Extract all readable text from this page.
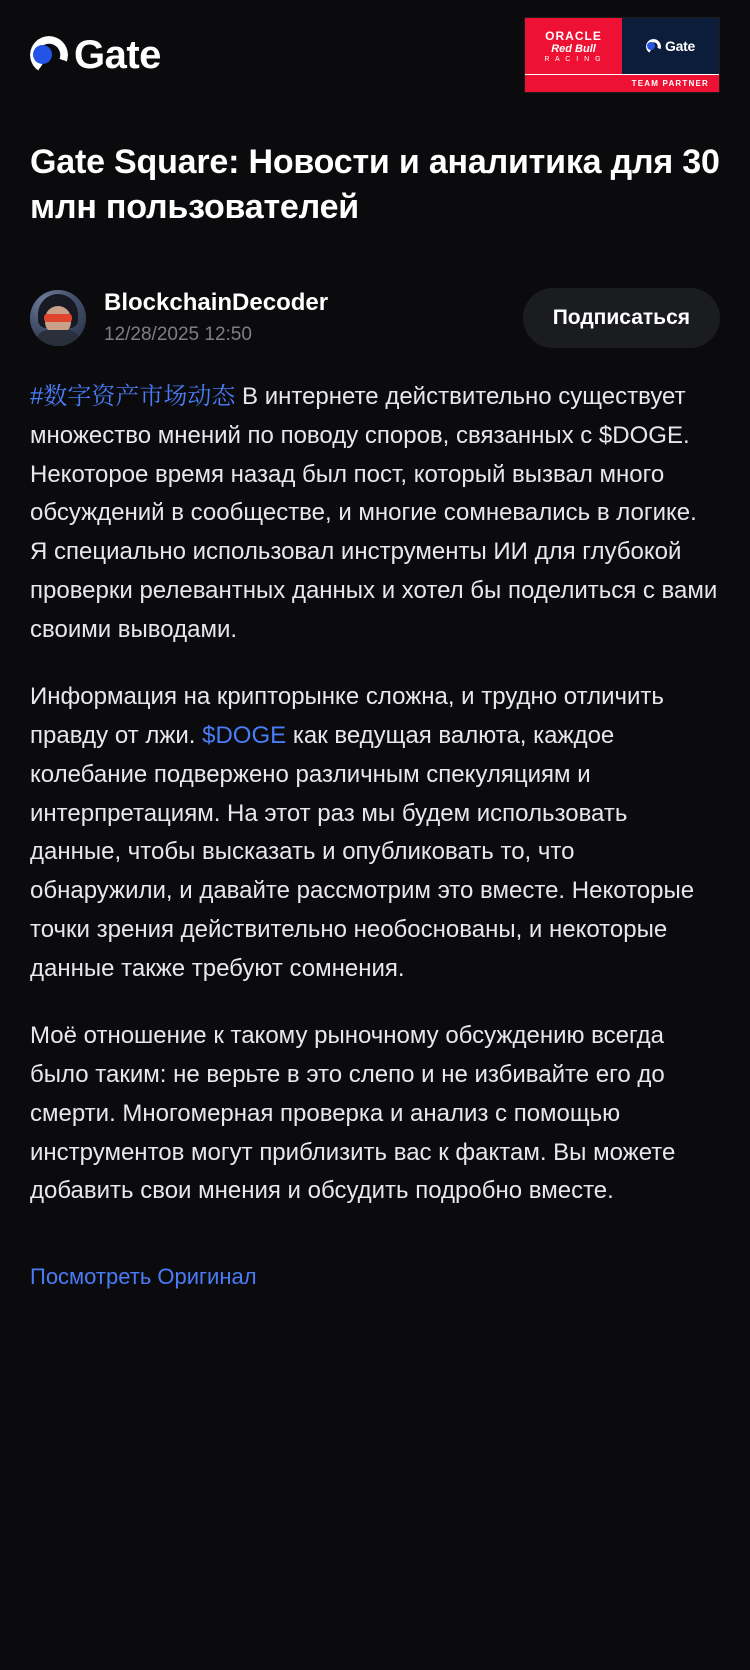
Gate	ORACLE
Red Bull
R A C I N G
Gate
TEAM PARTNER
Gate Square: Новости и аналитика для 30 млн пользователей
BlockchainDecoder
12/28/2025 12:50
Подписаться

#数字资产市场动态 В интернете действительно существует множество мнений по поводу споров, связанных с $DOGE. Некоторое время назад был пост, который вызвал много обсуждений в сообществе, и многие сомневались в логике. Я специально использовал инструменты ИИ для глубокой проверки релевантных данных и хотел бы поделиться с вами своими выводами.

Информация на крипторынке сложна, и трудно отличить правду от лжи. $DOGE как ведущая валюта, каждое колебание подвержено различным спекуляциям и интерпретациям. На этот раз мы будем использовать данные, чтобы высказать и опубликовать то, что обнаружили, и давайте рассмотрим это вместе. Некоторые точки зрения действительно необоснованы, и некоторые данные также требуют сомнения.

Моё отношение к такому рыночному обсуждению всегда было таким: не верьте в это слепо и не избивайте его до смерти. Многомерная проверка и анализ с помощью инструментов могут приблизить вас к фактам. Вы можете добавить свои мнения и обсудить подробно вместе.

Посмотреть Оригинал
